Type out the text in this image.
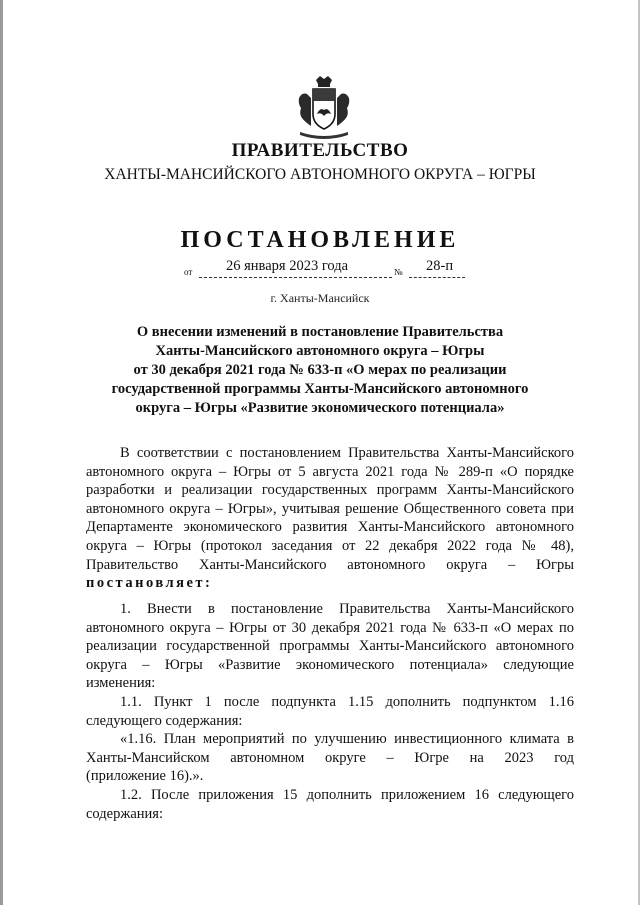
ПРАВИТЕЛЬСТВО
ХАНТЫ-МАНСИЙСКОГО АВТОНОМНОГО ОКРУГА – ЮГРЫ
ПОСТАНОВЛЕНИЕ
от 26 января 2023 года	№ 28-п
г. Ханты-Мансийск
О внесении изменений в постановление Правительства
Ханты-Мансийского автономного округа – Югры
от 30 декабря 2021 года № 633-п «О мерах по реализации
государственной программы Ханты-Мансийского автономного
округа – Югры «Развитие экономического потенциала»
В соответствии с постановлением Правительства Ханты-Мансийского
автономного округа – Югры от 5 августа 2021 года № 289-п «О порядке
разработки и реализации государственных программ Ханты-Мансийского
автономного округа – Югры», учитывая решение Общественного совета при
Департаменте экономического развития Ханты-Мансийского автономного
округа – Югры (протокол заседания от 22 декабря 2022 года № 48),
Правительство Ханты-Мансийского автономного округа – Югры
постановляет:
1. Внести в постановление Правительства Ханты-Мансийского
автономного округа – Югры от 30 декабря 2021 года № 633-п «О мерах по
реализации государственной программы Ханты-Мансийского автономного
округа – Югры «Развитие экономического потенциала» следующие
изменения:
1.1. Пункт 1 после подпункта 1.15 дополнить подпунктом 1.16
следующего содержания:
«1.16. План мероприятий по улучшению инвестиционного климата в
Ханты-Мансийском автономном округе – Югре на 2023 год
(приложение 16).».
1.2. После приложения 15 дополнить приложением 16 следующего
содержания:
